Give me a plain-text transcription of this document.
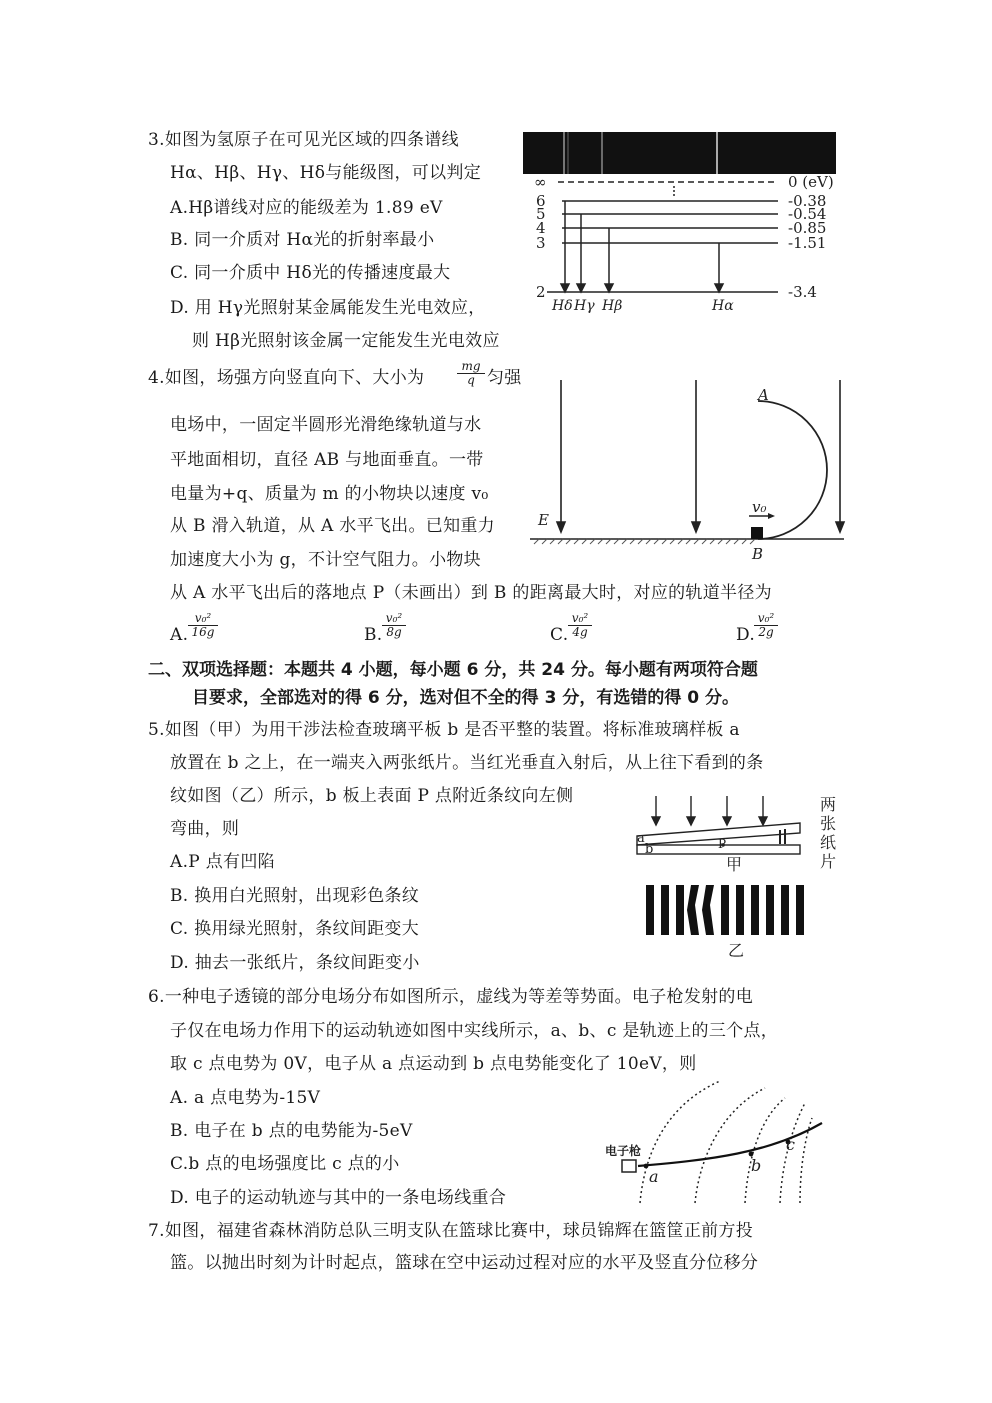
3.如图为氢原子在可见光区域的四条谱线
Hα、Hβ、Hγ、Hδ与能级图，可以判定
A.Hβ谱线对应的能级差为 1.89 eV
B. 同一介质对 Hα光的折射率最小
C. 同一介质中 Hδ光的传播速度最大
D. 用 Hγ光照射某金属能发生光电效应，
则 Hβ光照射该金属一定能发生光电效应
∞
6
5
4
3
2
0 (eV)
-0.38
-0.54
-0.85
-1.51
-3.4
Hδ Hγ Hβ	Hα
4.如图，场强方向竖直向下、大小为	$\frac{mg}{q}$ 匀强
电场中，一固定半圆形光滑绝缘轨道与水
平地面相切，直径 AB 与地面垂直。一带
电量为+q、质量为 m 的小物块以速度 v₀
从 B 滑入轨道，从 A 水平飞出。已知重力
加速度大小为 g，不计空气阻力。小物块
从 A 水平飞出后的落地点 P（未画出）到 B 的距离最大时，对应的轨道半径为
A. $\frac{\text{v₀²}}{16g}$	B. $\frac{\text{v₀²}}{8g}$	C. $\frac{\text{v₀²}}{4g}$	D.
$\frac{\text{v₀²}}{2g}$
E
A
B
v₀
二、双项选择题：本题共 4 小题，每小题 6 分，共 24 分。每小题有两项符合题
目要求，全部选对的得 6 分，选对但不全的得 3 分，有选错的得 0 分。
5.如图（甲）为用干涉法检查玻璃平板 b 是否平整的装置。将标准玻璃样板 a
放置在 b 之上，在一端夹入两张纸片。当红光垂直入射后，从上往下看到的条
纹如图（乙）所示，b 板上表面 P 点附近条纹向左侧
弯曲，则
A.P 点有凹陷
B. 换用白光照射，出现彩色条纹
C. 换用绿光照射，条纹间距变大
D. 抽去一张纸片，条纹间距变小
a
b	P
甲
乙
两
张
纸
片
6.一种电子透镜的部分电场分布如图所示，虚线为等差等势面。电子枪发射的电
子仅在电场力作用下的运动轨迹如图中实线所示，a、b、c 是轨迹上的三个点，
取 c 点电势为 0V，电子从 a 点运动到 b 点电势能变化了 10eV，则
A. a 点电势为-15V
B. 电子在 b 点的电势能为-5eV
C.b 点的电场强度比 c 点的小
D. 电子的运动轨迹与其中的一条电场线重合
电子枪
a
b
c
7.如图，福建省森林消防总队三明支队在篮球比赛中，球员锦辉在篮筐正前方投
篮。以抛出时刻为计时起点，篮球在空中运动过程对应的水平及竖直分位移分
